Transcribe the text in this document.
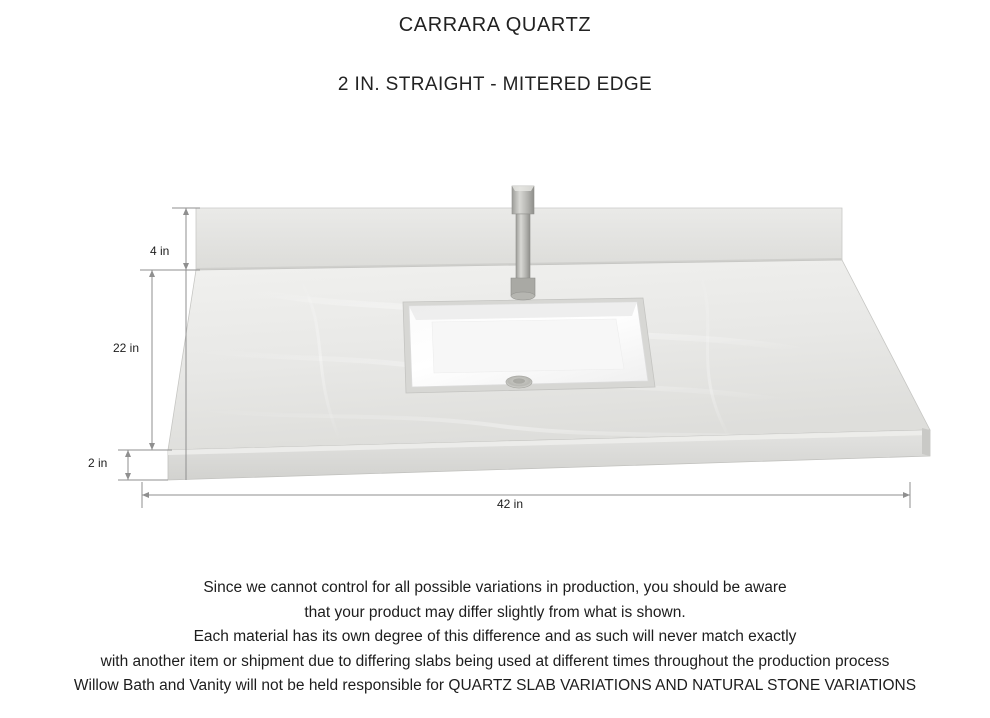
CARRARA QUARTZ
2 IN. STRAIGHT - MITERED EDGE
4 in
22 in
2 in
42 in
Since we cannot control for all possible variations in production, you should be aware
that your product may differ slightly from what is shown.
Each material has its own degree of this difference and as such will never match exactly
with another item or shipment due to differing slabs being used at different times throughout the production process
Willow Bath and Vanity will not be held responsible for QUARTZ SLAB VARIATIONS AND NATURAL STONE VARIATIONS
